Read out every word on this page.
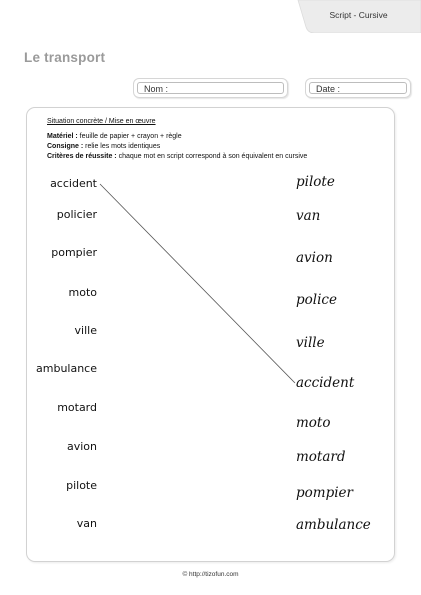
Script - Cursive
Le transport
Nom :	Date :
Situation concrète / Mise en œuvre
Matériel : feuille de papier + crayon + règle
Consigne : relie les mots identiques
Critères de réussite : chaque mot en script correspond à son équivalent en cursive
accident
policier
pompier
moto
ville
ambulance
motard
avion
pilote
van
pilote
van
avion
police
ville
accident
moto
motard
pompier
ambulance
© http://tizofun.com
